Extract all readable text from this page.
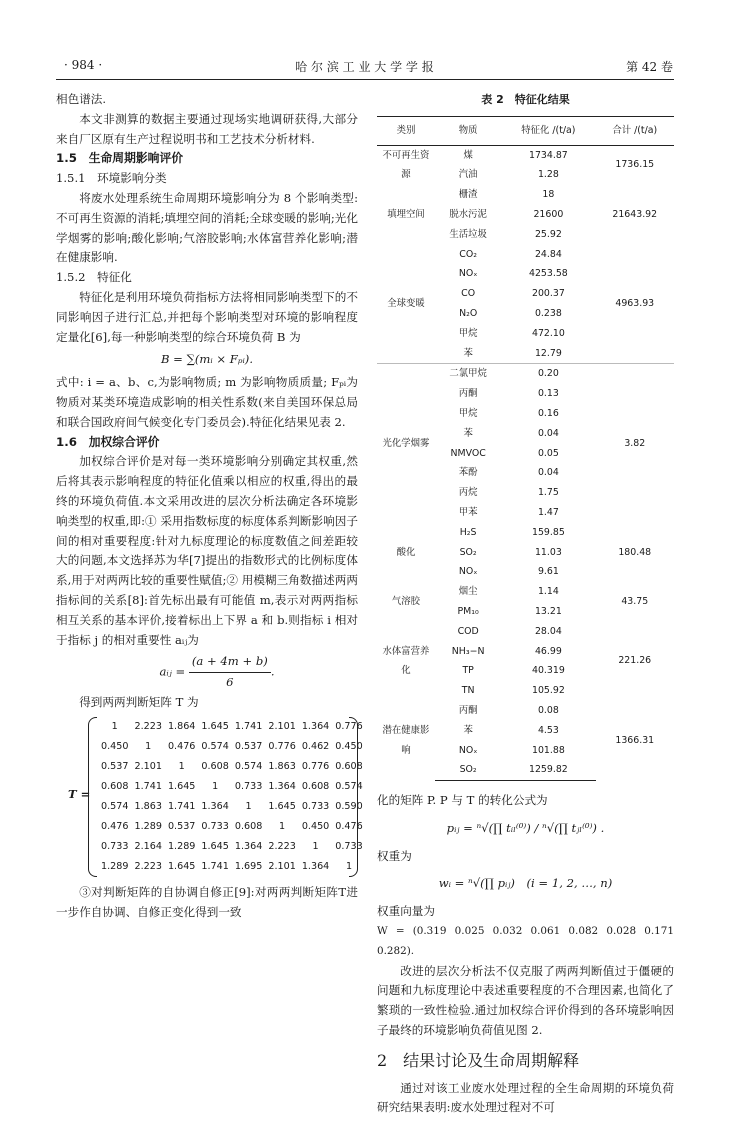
· 984 ·	哈 尔 滨 工 业 大 学 学 报	第 42 卷

相色谱法.

本文非测算的数据主要通过现场实地调研获得,大部分来自厂区原有生产过程说明书和工艺技术分析材料.

1.5　生命周期影响评价

1.5.1　环境影响分类

将废水处理系统生命周期环境影响分为 8 个影响类型:不可再生资源的消耗;填埋空间的消耗;全球变暖的影响;光化学烟雾的影响;酸化影响;气溶胶影响;水体富营养化影响;潜在健康影响.

1.5.2　特征化

特征化是利用环境负荷指标方法将相同影响类型下的不同影响因子进行汇总,并把每个影响类型对环境的影响程度定量化[6],每一种影响类型的综合环境负荷 B 为

B = ∑(mᵢ × Fₚᵢ).

式中: i = a、b、c,为影响物质; m 为影响物质质量; Fₚᵢ为物质对某类环境造成影响的相关性系数(来自美国环保总局和联合国政府间气候变化专门委员会).特征化结果见表 2.

1.6　加权综合评价

加权综合评价是对每一类环境影响分别确定其权重,然后将其表示影响程度的特征化值乘以相应的权重,得出的最终的环境负荷值.本文采用改进的层次分析法确定各环境影响类型的权重,即:① 采用指数标度的标度体系判断影响因子间的相对重要程度:针对九标度理论的标度数值之间差距较大的问题,本文选择苏为华[7]提出的指数形式的比例标度体系,用于对两两比较的重要性赋值;② 用模糊三角数描述两两指标间的关系[8]:首先标出最有可能值 m,表示对两两指标相互关系的基本评价,接着标出上下界 a 和 b.则指标 i 相对于指标 j 的相对重要性 aᵢⱼ为

aᵢⱼ = $\frac{(a + 4m + b)}{6}$ .

得到两两判断矩阵 T 为

T =
1	2.223	1.864	1.645	1.741	2.101	1.364	0.776
0.450	1	0.476	0.574	0.537	0.776	0.462	0.450
0.537	2.101	1	0.608	0.574	1.863	0.776	0.608
0.608	1.741	1.645	1	0.733	1.364	0.608	0.574
0.574	1.863	1.741	1.364	1	1.645	0.733	0.590
0.476	1.289	0.537	0.733	0.608	1	0.450	0.476
0.733	2.164	1.289	1.645	1.364	2.223	1	0.733
1.289	2.223	1.645	1.741	1.695	2.101	1.364	1

③对判断矩阵的自协调自修正[9]:对两两判断矩阵T进一步作自协调、自修正变化得到一致

表 2　特征化结果

类别	物质	特征化 /(t/a)	合计 /(t/a)
不可再生资源	煤	1734.87	1736.15
	汽油	1.28	
填埋空间	栅渣	18	21643.92
	脱水污泥	21600	
	生活垃圾	25.92	
全球变暖	CO₂	24.84	4963.93
	NOₓ	4253.58	
	CO	200.37	
	N₂O	0.238	
	甲烷	472.10	
	苯	12.79	
光化学烟雾	二氯甲烷	0.20	3.82
	丙酮	0.13	
	甲烷	0.16	
	苯	0.04	
	NMVOC	0.05	
	苯酚	0.04	
	丙烷	1.75	
	甲苯	1.47	
酸化	H₂S	159.85	180.48
	SO₂	11.03	
	NOₓ	9.61	
气溶胶	烟尘	1.14	43.75
	PM₁₀	13.21	
水体富营养化	COD	28.04	221.26
	NH₃−N	46.99	
	TP	40.319	
	TN	105.92	
潜在健康影响	丙酮	0.08	1366.31
	苯	4.53	
	NOₓ	101.88	
	SO₂	1259.82	

化的矩阵 P. P 与 T 的转化公式为

pᵢⱼ = ⁿ√(∏ tᵢₗ⁽⁰⁾) / ⁿ√(∏ tⱼₗ⁽⁰⁾) .

权重为

wᵢ = ⁿ√(∏ pᵢⱼ)　(i = 1, 2, …, n)

权重向量为

W = (0.319 0.025 0.032 0.061 0.082 0.028 0.171 0.282).

改进的层次分析法不仅克服了两两判断值过于僵硬的问题和九标度理论中表述重要程度的不合理因素,也简化了繁琐的一致性检验.通过加权综合评价得到的各环境影响因子最终的环境影响负荷值见图 2.

2　结果讨论及生命周期解释

通过对该工业废水处理过程的全生命周期的环境负荷研究结果表明:废水处理过程对不可
